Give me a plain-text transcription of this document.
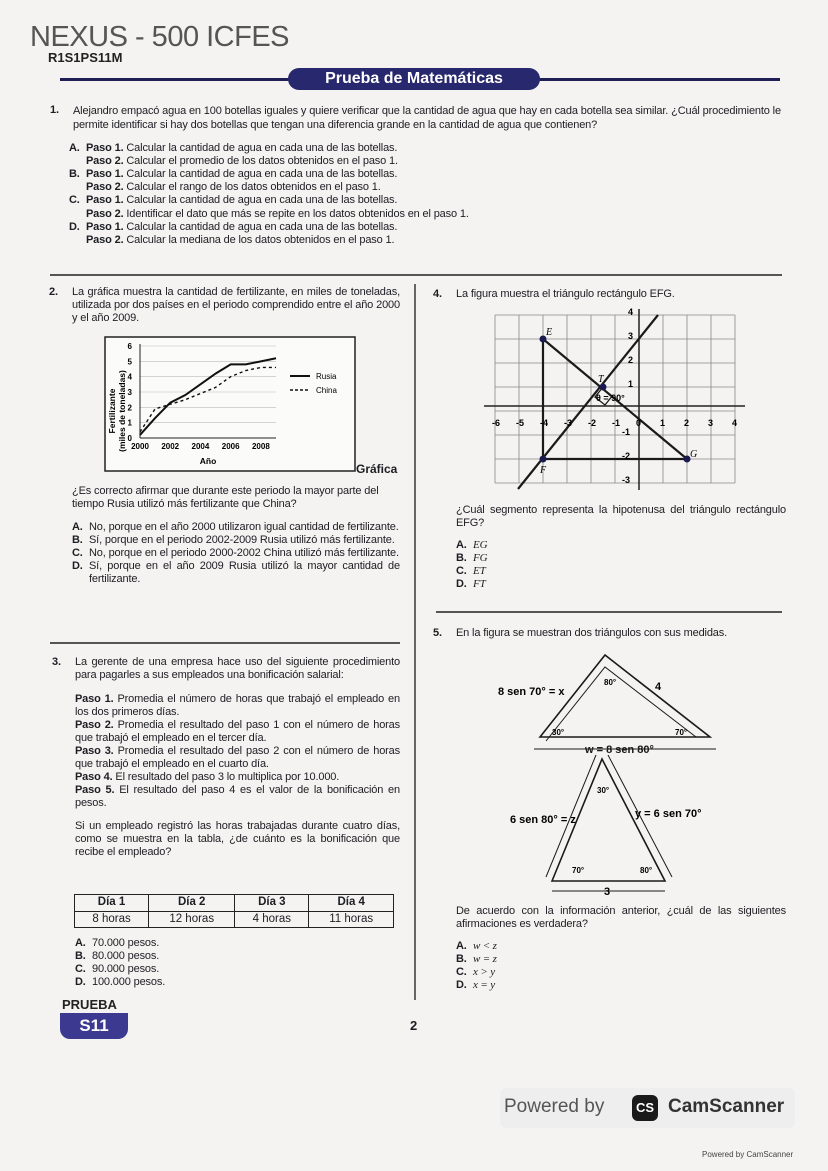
NEXUS - 500 ICFES
R1S1PS11M
Prueba de Matemáticas
1. Alejandro empacó agua en 100 botellas iguales y quiere verificar que la cantidad de agua que hay en cada botella sea similar. ¿Cuál procedimiento le permite identificar si hay dos botellas que tengan una diferencia grande en la cantidad de agua que contienen?
A. Paso 1. Calcular la cantidad de agua en cada una de las botellas.
Paso 2. Calcular el promedio de los datos obtenidos en el paso 1.
B. Paso 1. Calcular la cantidad de agua en cada una de las botellas.
Paso 2. Calcular el rango de los datos obtenidos en el paso 1.
C. Paso 1. Calcular la cantidad de agua en cada una de las botellas.
Paso 2. Identificar el dato que más se repite en los datos obtenidos en el paso 1.
D. Paso 1. Calcular la cantidad de agua en cada una de las botellas.
Paso 2. Calcular la mediana de los datos obtenidos en el paso 1.
2. La gráfica muestra la cantidad de fertilizante, en miles de toneladas, utilizada por dos países en el periodo comprendido entre el año 2000 y el año 2009.
Fertilizante (miles de toneladas)
Año
0
1
2
3
4
5
6
2000 2002 2004 2006 2008
Rusia
China
Gráfica
¿Es correcto afirmar que durante este periodo la mayor parte del tiempo Rusia utilizó más fertilizante que China?
A. No, porque en el año 2000 utilizaron igual cantidad de fertilizante.
B. Sí, porque en el periodo 2002-2009 Rusia utilizó más fertilizante.
C. No, porque en el periodo 2000-2002 China utilizó más fertilizante.
D. Sí, porque en el año 2009 Rusia utilizó la mayor cantidad de fertilizante.
3. La gerente de una empresa hace uso del siguiente procedimiento para pagarles a sus empleados una bonificación salarial:
Paso 1. Promedia el número de horas que trabajó el empleado en los dos primeros días.
Paso 2. Promedia el resultado del paso 1 con el número de horas que trabajó el empleado en el tercer día.
Paso 3. Promedia el resultado del paso 2 con el número de horas que trabajó el empleado en el cuarto día.
Paso 4. El resultado del paso 3 lo multiplica por 10.000.
Paso 5. El resultado del paso 4 es el valor de la bonificación en pesos.
Si un empleado registró las horas trabajadas durante cuatro días, como se muestra en la tabla, ¿de cuánto es la bonificación que recibe el empleado?
Día 1	Día 2	Día 3	Día 4
8 horas	12 horas	4 horas	11 horas
A. 70.000 pesos.
B. 80.000 pesos.
C. 90.000 pesos.
D. 100.000 pesos.
PRUEBA
S11	2
4. La figura muestra el triángulo rectángulo EFG.
E
F
G
T
θ = 90°
-6 -5 -4 -3 -2 -1 0 1 2 3 4
4
3
2
1
-1
-2
-3
¿Cuál segmento representa la hipotenusa del triángulo rectángulo EFG?
A. EG
B. FG
C. ET
D. FT
5. En la figura se muestran dos triángulos con sus medidas.
8 sen 70° = x	4
w = 8 sen 80°
6 sen 80° = z	y = 6 sen 70°
3
80°
30°	70°
30°
70°	80°
De acuerdo con la información anterior, ¿cuál de las siguientes afirmaciones es verdadera?
A. w < z
B. w = z
C. x > y
D. x = y
Powered by	CS CamScanner
Powered by CamScanner
